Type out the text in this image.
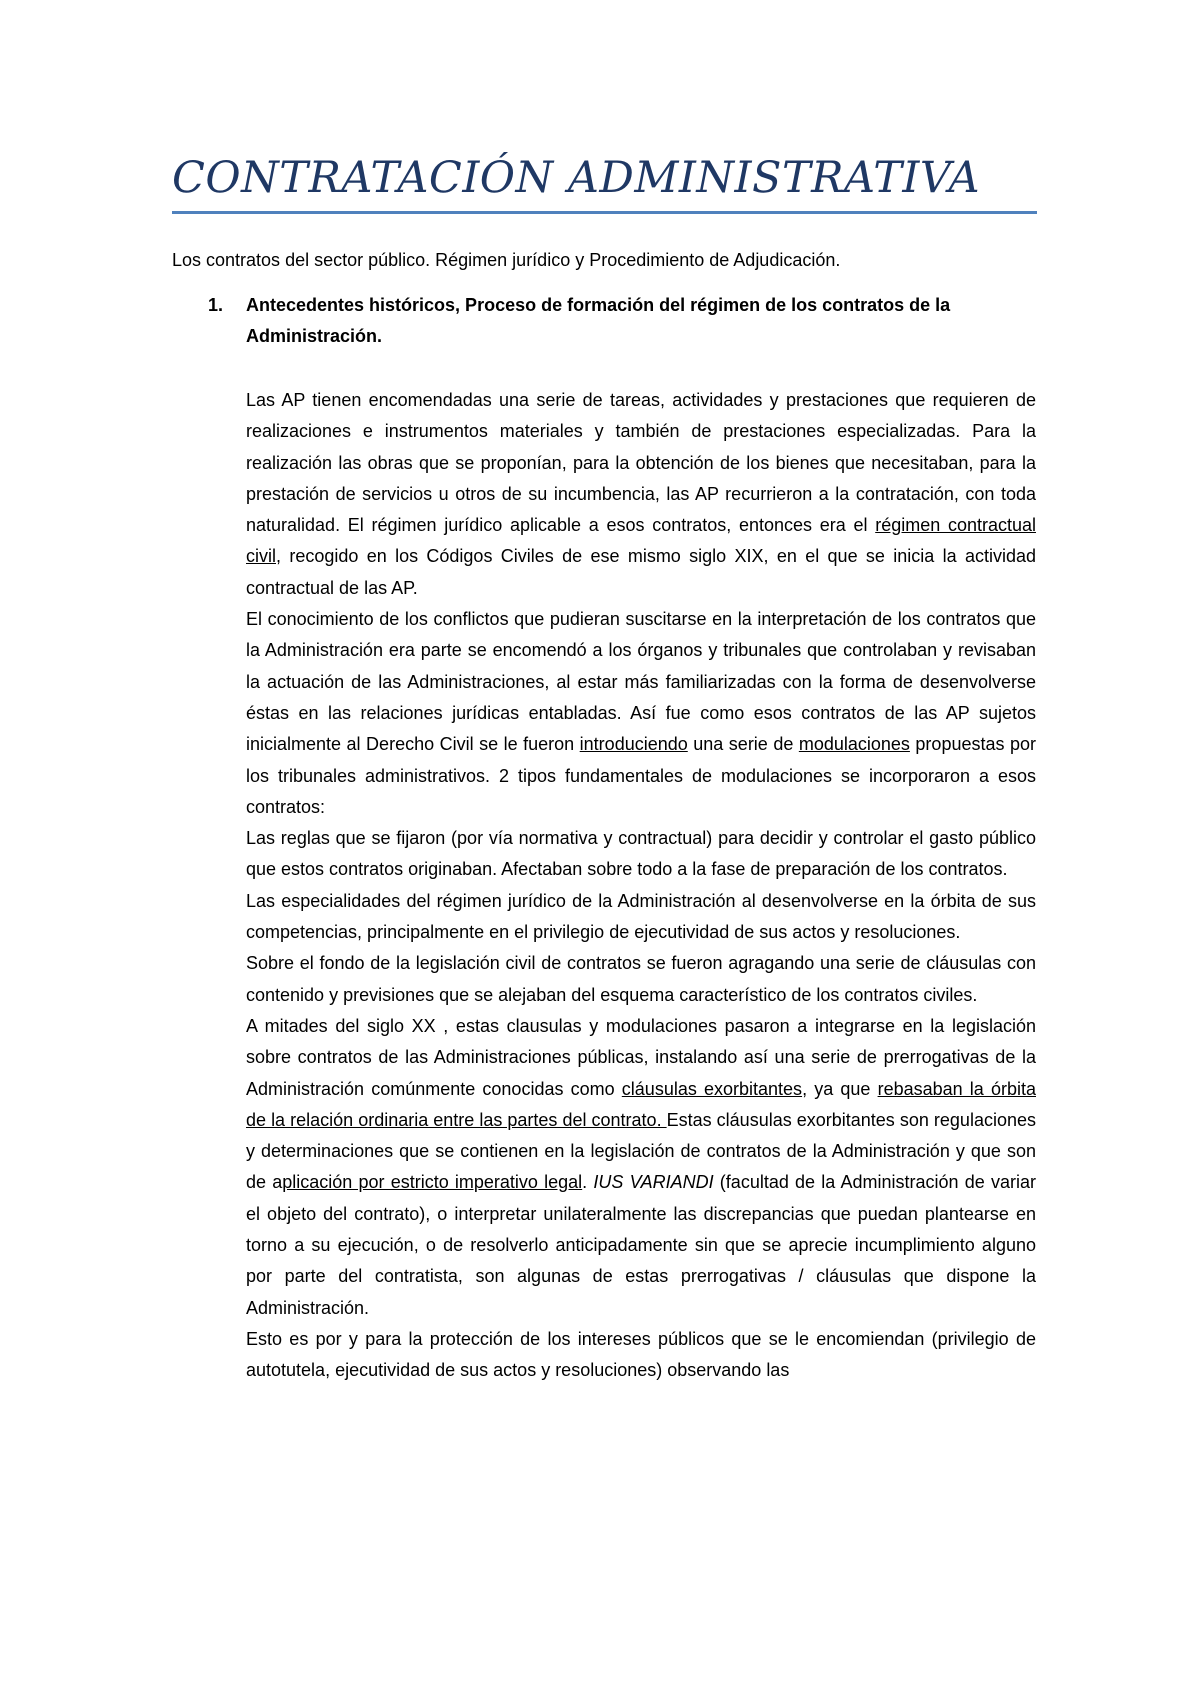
CONTRATACIÓN ADMINISTRATIVA

Los contratos del sector público. Régimen jurídico y Procedimiento de Adjudicación.

1. Antecedentes históricos, Proceso de formación del régimen de los contratos de la Administración.

Las AP tienen encomendadas una serie de tareas, actividades y prestaciones que requieren de realizaciones e instrumentos materiales y también de prestaciones especializadas. Para la realización las obras que se proponían, para la obtención de los bienes que necesitaban, para la prestación de servicios u otros de su incumbencia, las AP recurrieron a la contratación, con toda naturalidad. El régimen jurídico aplicable a esos contratos, entonces era el régimen contractual civil, recogido en los Códigos Civiles de ese mismo siglo XIX, en el que se inicia la actividad contractual de las AP.

El conocimiento de los conflictos que pudieran suscitarse en la interpretación de los contratos que la Administración era parte se encomendó a los órganos y tribunales que controlaban y revisaban la actuación de las Administraciones, al estar más familiarizadas con la forma de desenvolverse éstas en las relaciones jurídicas entabladas. Así fue como esos contratos de las AP sujetos inicialmente al Derecho Civil se le fueron introduciendo una serie de modulaciones propuestas por los tribunales administrativos. 2 tipos fundamentales de modulaciones se incorporaron a esos contratos:

Las reglas que se fijaron (por vía normativa y contractual) para decidir y controlar el gasto público que estos contratos originaban. Afectaban sobre todo a la fase de preparación de los contratos.

Las especialidades del régimen jurídico de la Administración al desenvolverse en la órbita de sus competencias, principalmente en el privilegio de ejecutividad de sus actos y resoluciones.

Sobre el fondo de la legislación civil de contratos se fueron agragando una serie de cláusulas con contenido y previsiones que se alejaban del esquema característico de los contratos civiles.

A mitades del siglo XX , estas clausulas y modulaciones pasaron a integrarse en la legislación sobre contratos de las Administraciones públicas, instalando así una serie de prerrogativas de la Administración comúnmente conocidas como cláusulas exorbitantes, ya que rebasaban la órbita de la relación ordinaria entre las partes del contrato. Estas cláusulas exorbitantes son regulaciones y determinaciones que se contienen en la legislación de contratos de la Administración y que son de aplicación por estricto imperativo legal. IUS VARIANDI (facultad de la Administración de variar el objeto del contrato), o interpretar unilateralmente las discrepancias que puedan plantearse en torno a su ejecución, o de resolverlo anticipadamente sin que se aprecie incumplimiento alguno por parte del contratista, son algunas de estas prerrogativas / cláusulas que dispone la Administración.

Esto es por y para la protección de los intereses públicos que se le encomiendan (privilegio de autotutela, ejecutividad de sus actos y resoluciones) observando las
